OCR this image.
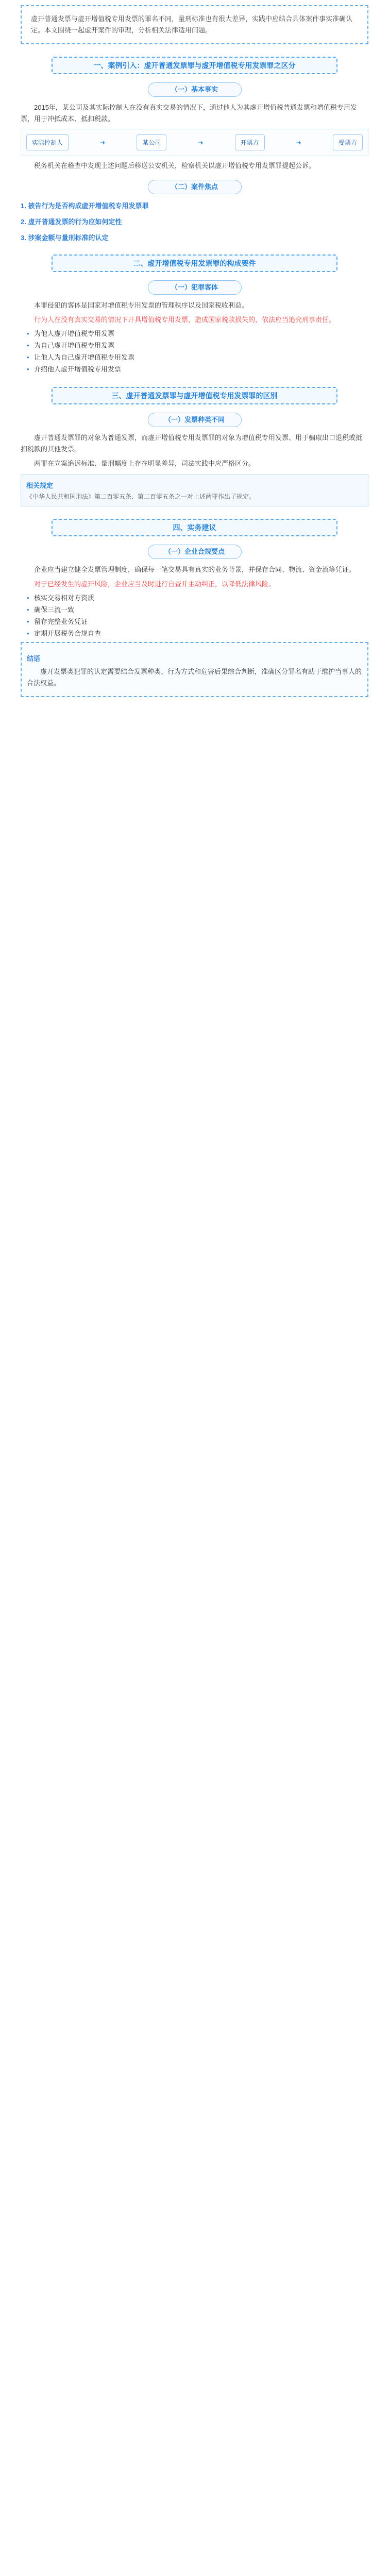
虚开普通发票与虚开增值税专用发票的罪名不同，量刑标准也有很大差异，实践中应结合具体案件事实准确认定。本文围绕一起虚开案件的审理，分析相关法律适用问题。
一、案例引入：虚开普通发票罪与虚开增值税专用发票罪之区分
（一）基本事实

2015年，某公司及其实际控制人在没有真实交易的情况下，通过他人为其虚开增值税普通发票和增值税专用发票，用于冲抵成本、抵扣税款。

实际控制人	➜	某公司	➜	开票方	➜	受票方

税务机关在稽查中发现上述问题后移送公安机关，检察机关以虚开增值税专用发票罪提起公诉。

（二）案件焦点
1. 被告行为是否构成虚开增值税专用发票罪
2. 虚开普通发票的行为应如何定性
3. 涉案金额与量刑标准的认定
二、虚开增值税专用发票罪的构成要件
（一）犯罪客体

本罪侵犯的客体是国家对增值税专用发票的管理秩序以及国家税收利益。

行为人在没有真实交易的情况下开具增值税专用发票，造成国家税款损失的，依法应当追究刑事责任。

• 为他人虚开增值税专用发票
• 为自己虚开增值税专用发票
• 让他人为自己虚开增值税专用发票
• 介绍他人虚开增值税专用发票
三、虚开普通发票罪与虚开增值税专用发票罪的区别
（一）发票种类不同

虚开普通发票罪的对象为普通发票，而虚开增值税专用发票罪的对象为增值税专用发票、用于骗取出口退税或抵扣税款的其他发票。

两罪在立案追诉标准、量刑幅度上存在明显差异，司法实践中应严格区分。

相关规定
《中华人民共和国刑法》第二百零五条、第二百零五条之一对上述两罪作出了规定。
四、实务建议
（一）企业合规要点

企业应当建立健全发票管理制度，确保每一笔交易具有真实的业务背景，并保存合同、物流、资金流等凭证。

对于已经发生的虚开风险，企业应当及时进行自查并主动纠正，以降低法律风险。

• 核实交易相对方资质
• 确保三流一致
• 留存完整业务凭证
• 定期开展税务合规自查
结语

虚开发票类犯罪的认定需要结合发票种类、行为方式和危害后果综合判断，准确区分罪名有助于维护当事人的合法权益。
